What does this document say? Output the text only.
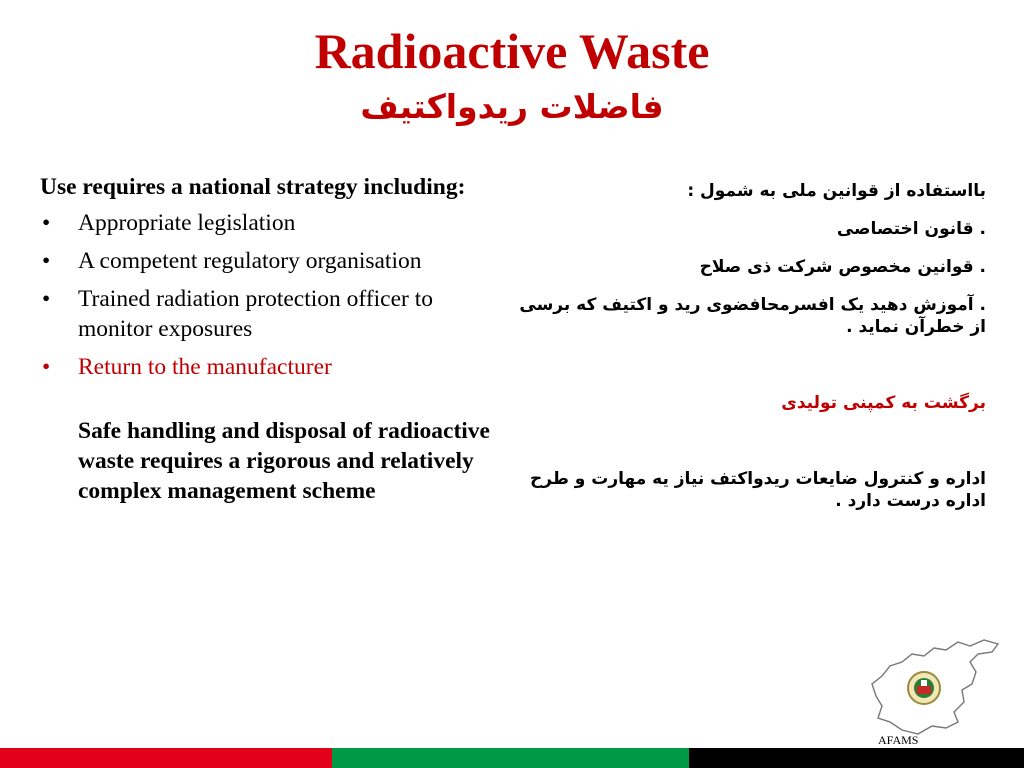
Radioactive Waste
فاضلات ریدواکتیف
Use requires a national strategy including:
• Appropriate legislation
• A competent regulatory organisation
• Trained radiation protection officer to monitor exposures
• Return to the manufacturer
Safe handling and disposal of radioactive waste requires a rigorous and relatively complex management scheme

بااستفاده از قوانین ملی به شمول :

. قانون اختصاصی

. قوانین مخصوص شرکت ذی صلاح

. آموزش دهید یک افسرمحافضوی رید و اکتیف که برسی از خطرآن نماید .

برگشت به کمپنی تولیدی

اداره و کنترول ضایعات ریدواکتف نیاز یه مهارت و طرح اداره درست دارد .

AFAMS
